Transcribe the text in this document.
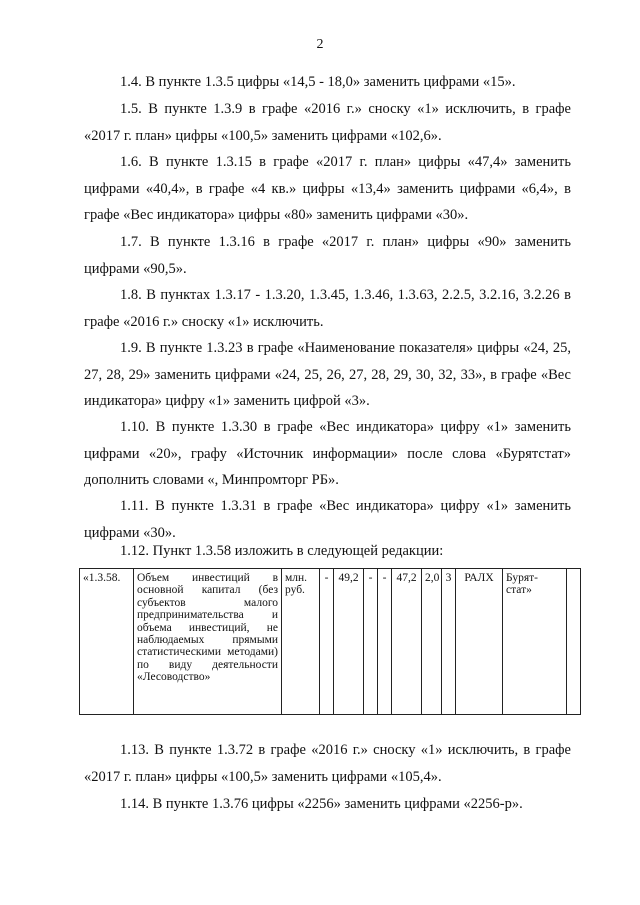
2

1.4. В пункте 1.3.5 цифры «14,5 - 18,0» заменить цифрами «15».

1.5. В пункте 1.3.9 в графе «2016 г.» сноску «1» исключить, в графе «2017 г. план» цифры «100,5» заменить цифрами «102,6».

1.6. В пункте 1.3.15 в графе «2017 г. план» цифры «47,4» заменить цифрами «40,4», в графе «4 кв.» цифры «13,4» заменить цифрами «6,4», в графе «Вес индикатора» цифры «80» заменить цифрами «30».

1.7. В пункте 1.3.16 в графе «2017 г. план» цифры «90» заменить цифрами «90,5».

1.8. В пунктах 1.3.17 - 1.3.20, 1.3.45, 1.3.46, 1.3.63, 2.2.5, 3.2.16, 3.2.26 в графе «2016 г.» сноску «1» исключить.

1.9. В пункте 1.3.23 в графе «Наименование показателя» цифры «24, 25, 27, 28, 29» заменить цифрами «24, 25, 26, 27, 28, 29, 30, 32, 33», в графе «Вес индикатора» цифру «1» заменить цифрой «3».

1.10. В пункте 1.3.30 в графе «Вес индикатора» цифру «1» заменить цифрами «20», графу «Источник информации» после слова «Бурятстат» дополнить словами «, Минпромторг РБ».

1.11. В пункте 1.3.31 в графе «Вес индикатора» цифру «1» заменить цифрами «30».

1.12. Пункт 1.3.58 изложить в следующей редакции:

«1.3.58.	Объем инвестиций в основной капитал (без субъектов малого предпринимательства и объема инвестиций, не наблюдаемых прямыми статистическими методами) по виду деятельности «Лесоводство»	млн. руб.	-	49,2	-	-	47,2	2,0	3	РАЛХ	Бурят-стат»	

1.13. В пункте 1.3.72 в графе «2016 г.» сноску «1» исключить, в графе «2017 г. план» цифры «100,5» заменить цифрами «105,4».

1.14. В пункте 1.3.76 цифры «2256» заменить цифрами «2256-р».
